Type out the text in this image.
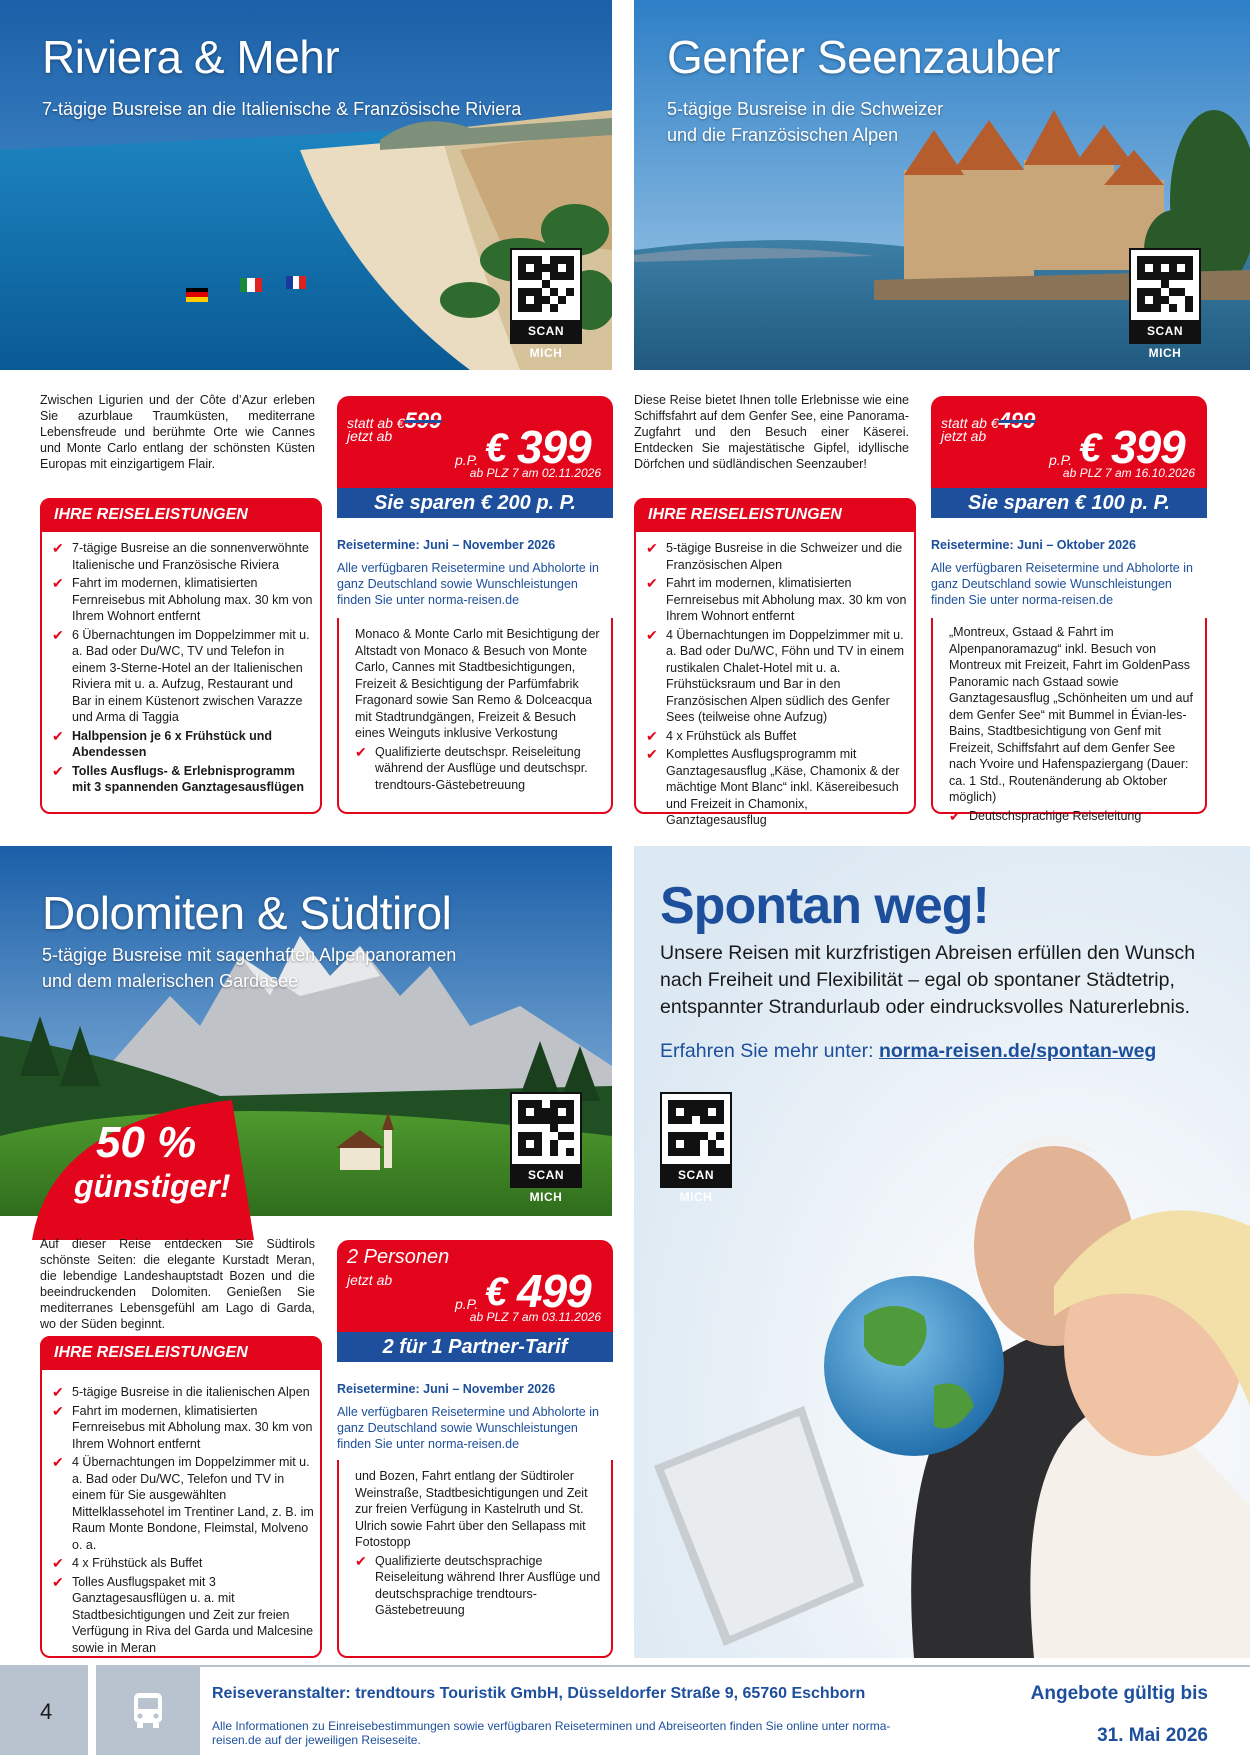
Riviera & Mehr
7-tägige Busreise an die Italienische & Französische Riviera
SCAN MICH
Genfer Seenzauber
5-tägige Busreise in die Schweizer
und die Französischen Alpen
SCAN MICH
Zwischen Ligurien und der Côte d’Azur erleben Sie azurblaue Traumküsten, mediterrane Lebensfreude und berühmte Orte wie Cannes und Monte Carlo entlang der schönsten Küsten Europas mit einzigartigem Flair.
IHRE REISELEISTUNGEN
✔ 7-tägige Busreise an die sonnenverwöhnte Italienische und Französische Riviera
✔ Fahrt im modernen, klimatisierten Fernreisebus mit Abholung max. 30 km von Ihrem Wohnort entfernt
✔ 6 Übernachtungen im Doppelzimmer mit u. a. Bad oder Du/WC, TV und Telefon in einem 3-Sterne-Hotel an der Italienischen Riviera mit u. a. Aufzug, Restaurant und Bar in einem Küstenort zwischen Varazze und Arma di Taggia
✔ Halbpension je 6 x Frühstück und Abendessen
✔ Tolles Ausflugs- & Erlebnisprogramm mit 3 spannenden Ganztagesausflügen
statt ab €599
jetzt ab
p.P. € 399
ab PLZ 7 am 02.11.2026
Sie sparen € 200 p. P.
Reisetermine: Juni – November 2026
Alle verfügbaren Reisetermine und Abholorte in ganz Deutschland sowie Wunschleistungen finden Sie unter norma-reisen.de
Monaco & Monte Carlo mit Besichtigung der Altstadt von Monaco & Besuch von Monte Carlo, Cannes mit Stadtbesichtigungen, Freizeit & Besichtigung der Parfümfabrik Fragonard sowie San Remo & Dolceacqua mit Stadtrundgängen, Freizeit & Besuch eines Weinguts inklusive Verkostung
✔ Qualifizierte deutschspr. Reiseleitung während der Ausflüge und deutschspr. trendtours-Gästebetreuung
Diese Reise bietet Ihnen tolle Erlebnisse wie eine Schiffsfahrt auf dem Genfer See, eine Panorama-Zugfahrt und den Besuch einer Käserei. Entdecken Sie majestätische Gipfel, idyllische Dörfchen und südländischen Seenzauber!
IHRE REISELEISTUNGEN
✔ 5-tägige Busreise in die Schweizer und die Französischen Alpen
✔ Fahrt im modernen, klimatisierten Fernreisebus mit Abholung max. 30 km von Ihrem Wohnort entfernt
✔ 4 Übernachtungen im Doppelzimmer mit u. a. Bad oder Du/WC, Föhn und TV in einem rustikalen Chalet-Hotel mit u. a. Frühstücksraum und Bar in den Französischen Alpen südlich des Genfer Sees (teilweise ohne Aufzug)
✔ 4 x Frühstück als Buffet
✔ Komplettes Ausflugsprogramm mit Ganztagesausflug „Käse, Chamonix & der mächtige Mont Blanc“ inkl. Käsereibesuch und Freizeit in Chamonix, Ganztagesausflug
statt ab €499
jetzt ab
p.P. € 399
ab PLZ 7 am 16.10.2026
Sie sparen € 100 p. P.
Reisetermine: Juni – Oktober 2026
Alle verfügbaren Reisetermine und Abholorte in ganz Deutschland sowie Wunschleistungen finden Sie unter norma-reisen.de
„Montreux, Gstaad & Fahrt im Alpenpanoramazug“ inkl. Besuch von Montreux mit Freizeit, Fahrt im GoldenPass Panoramic nach Gstaad sowie Ganztagesausflug „Schönheiten um und auf dem Genfer See“ mit Bummel in Évian-les-Bains, Stadtbesichtigung von Genf mit Freizeit, Schiffsfahrt auf dem Genfer See nach Yvoire und Hafenspaziergang (Dauer: ca. 1 Std., Routenänderung ab Oktober möglich)
✔ Deutschsprachige Reiseleitung
Dolomiten & Südtirol
5-tägige Busreise mit sagenhaften Alpenpanoramen
und dem malerischen Gardasee
SCAN MICH
50 %
günstiger!
Auf dieser Reise entdecken Sie Südtirols schönste Seiten: die elegante Kurstadt Meran, die lebendige Landeshauptstadt Bozen und die beeindruckenden Dolomiten. Genießen Sie mediterranes Lebensgefühl am Lago di Garda, wo der Süden beginnt.
IHRE REISELEISTUNGEN
✔ 5-tägige Busreise in die italienischen Alpen
✔ Fahrt im modernen, klimatisierten Fernreisebus mit Abholung max. 30 km von Ihrem Wohnort entfernt
✔ 4 Übernachtungen im Doppelzimmer mit u. a. Bad oder Du/WC, Telefon und TV in einem für Sie ausgewählten Mittelklassehotel im Trentiner Land, z. B. im Raum Monte Bondone, Fleimstal, Molveno o. a.
✔ 4 x Frühstück als Buffet
✔ Tolles Ausflugspaket mit 3 Ganztagesausflügen u. a. mit Stadtbesichtigungen und Zeit zur freien Verfügung in Riva del Garda und Malcesine sowie in Meran
2 Personen
jetzt ab
p.P. € 499
ab PLZ 7 am 03.11.2026
2 für 1 Partner-Tarif
Reisetermine: Juni – November 2026
Alle verfügbaren Reisetermine und Abholorte in ganz Deutschland sowie Wunschleistungen finden Sie unter norma-reisen.de
und Bozen, Fahrt entlang der Südtiroler Weinstraße, Stadtbesichtigungen und Zeit zur freien Verfügung in Kastelruth und St. Ulrich sowie Fahrt über den Sellapass mit Fotostopp
✔ Qualifizierte deutschsprachige Reiseleitung während Ihrer Ausflüge und deutschsprachige trendtours-Gästebetreuung
Spontan weg!
Unsere Reisen mit kurzfristigen Abreisen erfüllen den Wunsch nach Freiheit und Flexibilität – egal ob spontaner Städtetrip, entspannter Strandurlaub oder eindrucksvolles Naturerlebnis.
Erfahren Sie mehr unter: norma-reisen.de/spontan-weg
SCAN MICH
4
Reiseveranstalter: trendtours Touristik GmbH, Düsseldorfer Straße 9, 65760 Eschborn
Alle Informationen zu Einreisebestimmungen sowie verfügbaren Reiseterminen und Abreiseorten finden Sie online unter norma-reisen.de auf der jeweiligen Reiseseite.
Angebote gültig bis
31. Mai 2026
